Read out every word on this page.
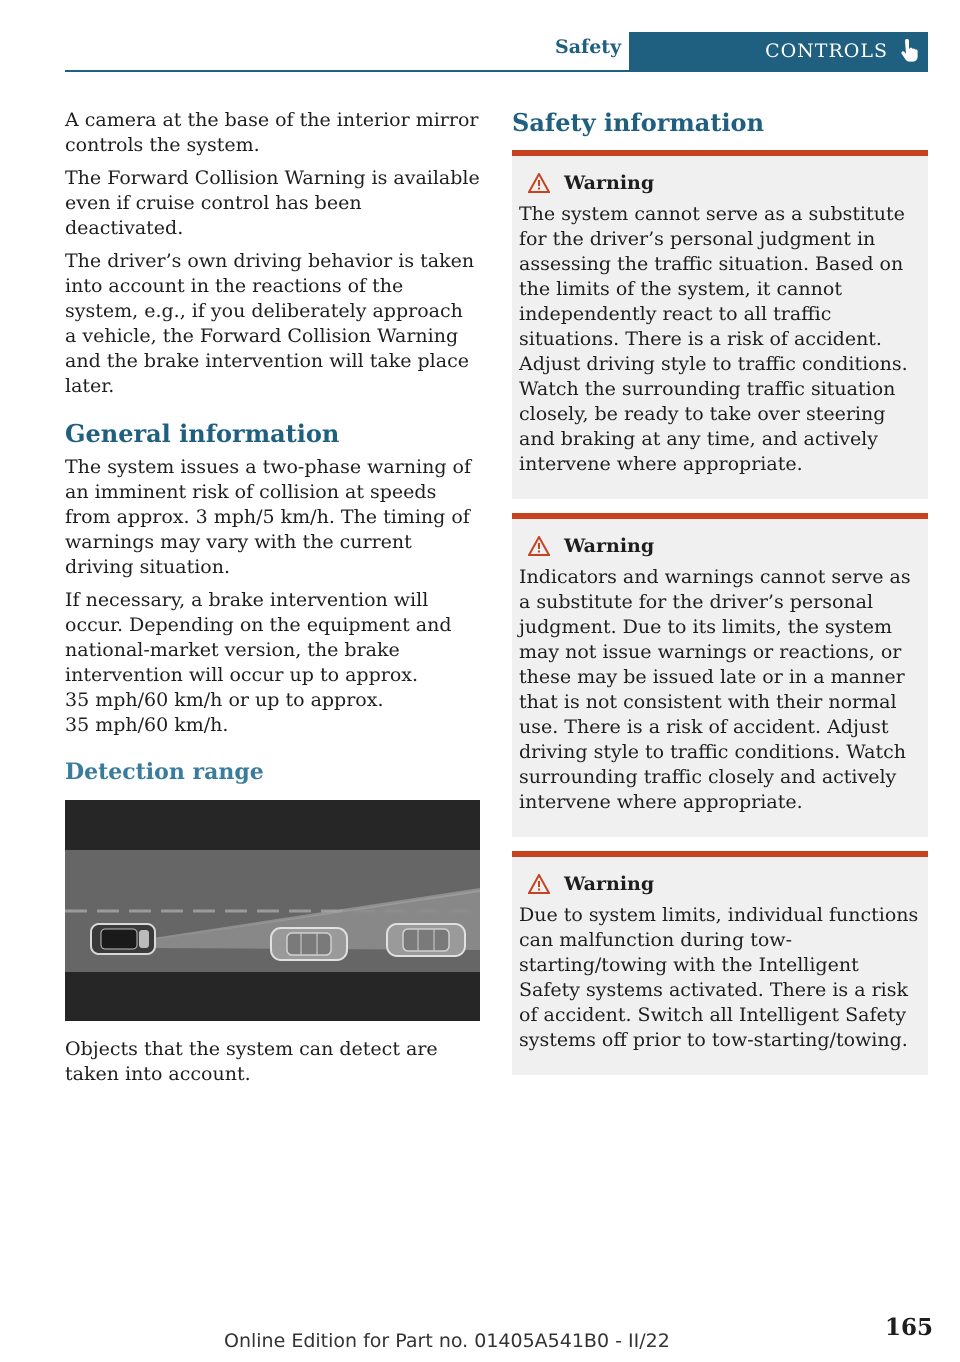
Safety	CONTROLS

A camera at the base of the interior mirror controls the system.

The Forward Collision Warning is available even if cruise control has been deactivated.

The driver’s own driving behavior is taken into account in the reactions of the system, e.g., if you deliberately approach a vehicle, the Forward Collision Warning and the brake intervention will take place later.

General information

The system issues a two-phase warning of an imminent risk of collision at speeds from approx. 3 mph/5 km/h. The timing of warnings may vary with the current driving situation.

If necessary, a brake intervention will occur. Depending on the equipment and national-market version, the brake intervention will occur up to approx.
35 mph/60 km/h or up to approx.
35 mph/60 km/h.

Detection range

Objects that the system can detect are taken into account.

Safety information
Warning

The system cannot serve as a substitute for the driver’s personal judgment in assessing the traffic situation. Based on the limits of the system, it cannot independently react to all traffic situations. There is a risk of accident. Adjust driving style to traffic conditions. Watch the surrounding traffic situation closely, be ready to take over steering and braking at any time, and actively intervene where appropriate.

Warning

Indicators and warnings cannot serve as a substitute for the driver’s personal judgment. Due to its limits, the system may not issue warnings or reactions, or these may be issued late or in a manner that is not consistent with their normal use. There is a risk of accident. Adjust driving style to traffic conditions. Watch surrounding traffic closely and actively intervene where appropriate.

Warning

Due to system limits, individual functions can malfunction during tow-starting/towing with the Intelligent Safety systems activated. There is a risk of accident. Switch all Intelligent Safety systems off prior to tow-starting/towing.

165
Online Edition for Part no. 01405A541B0 - II/22
